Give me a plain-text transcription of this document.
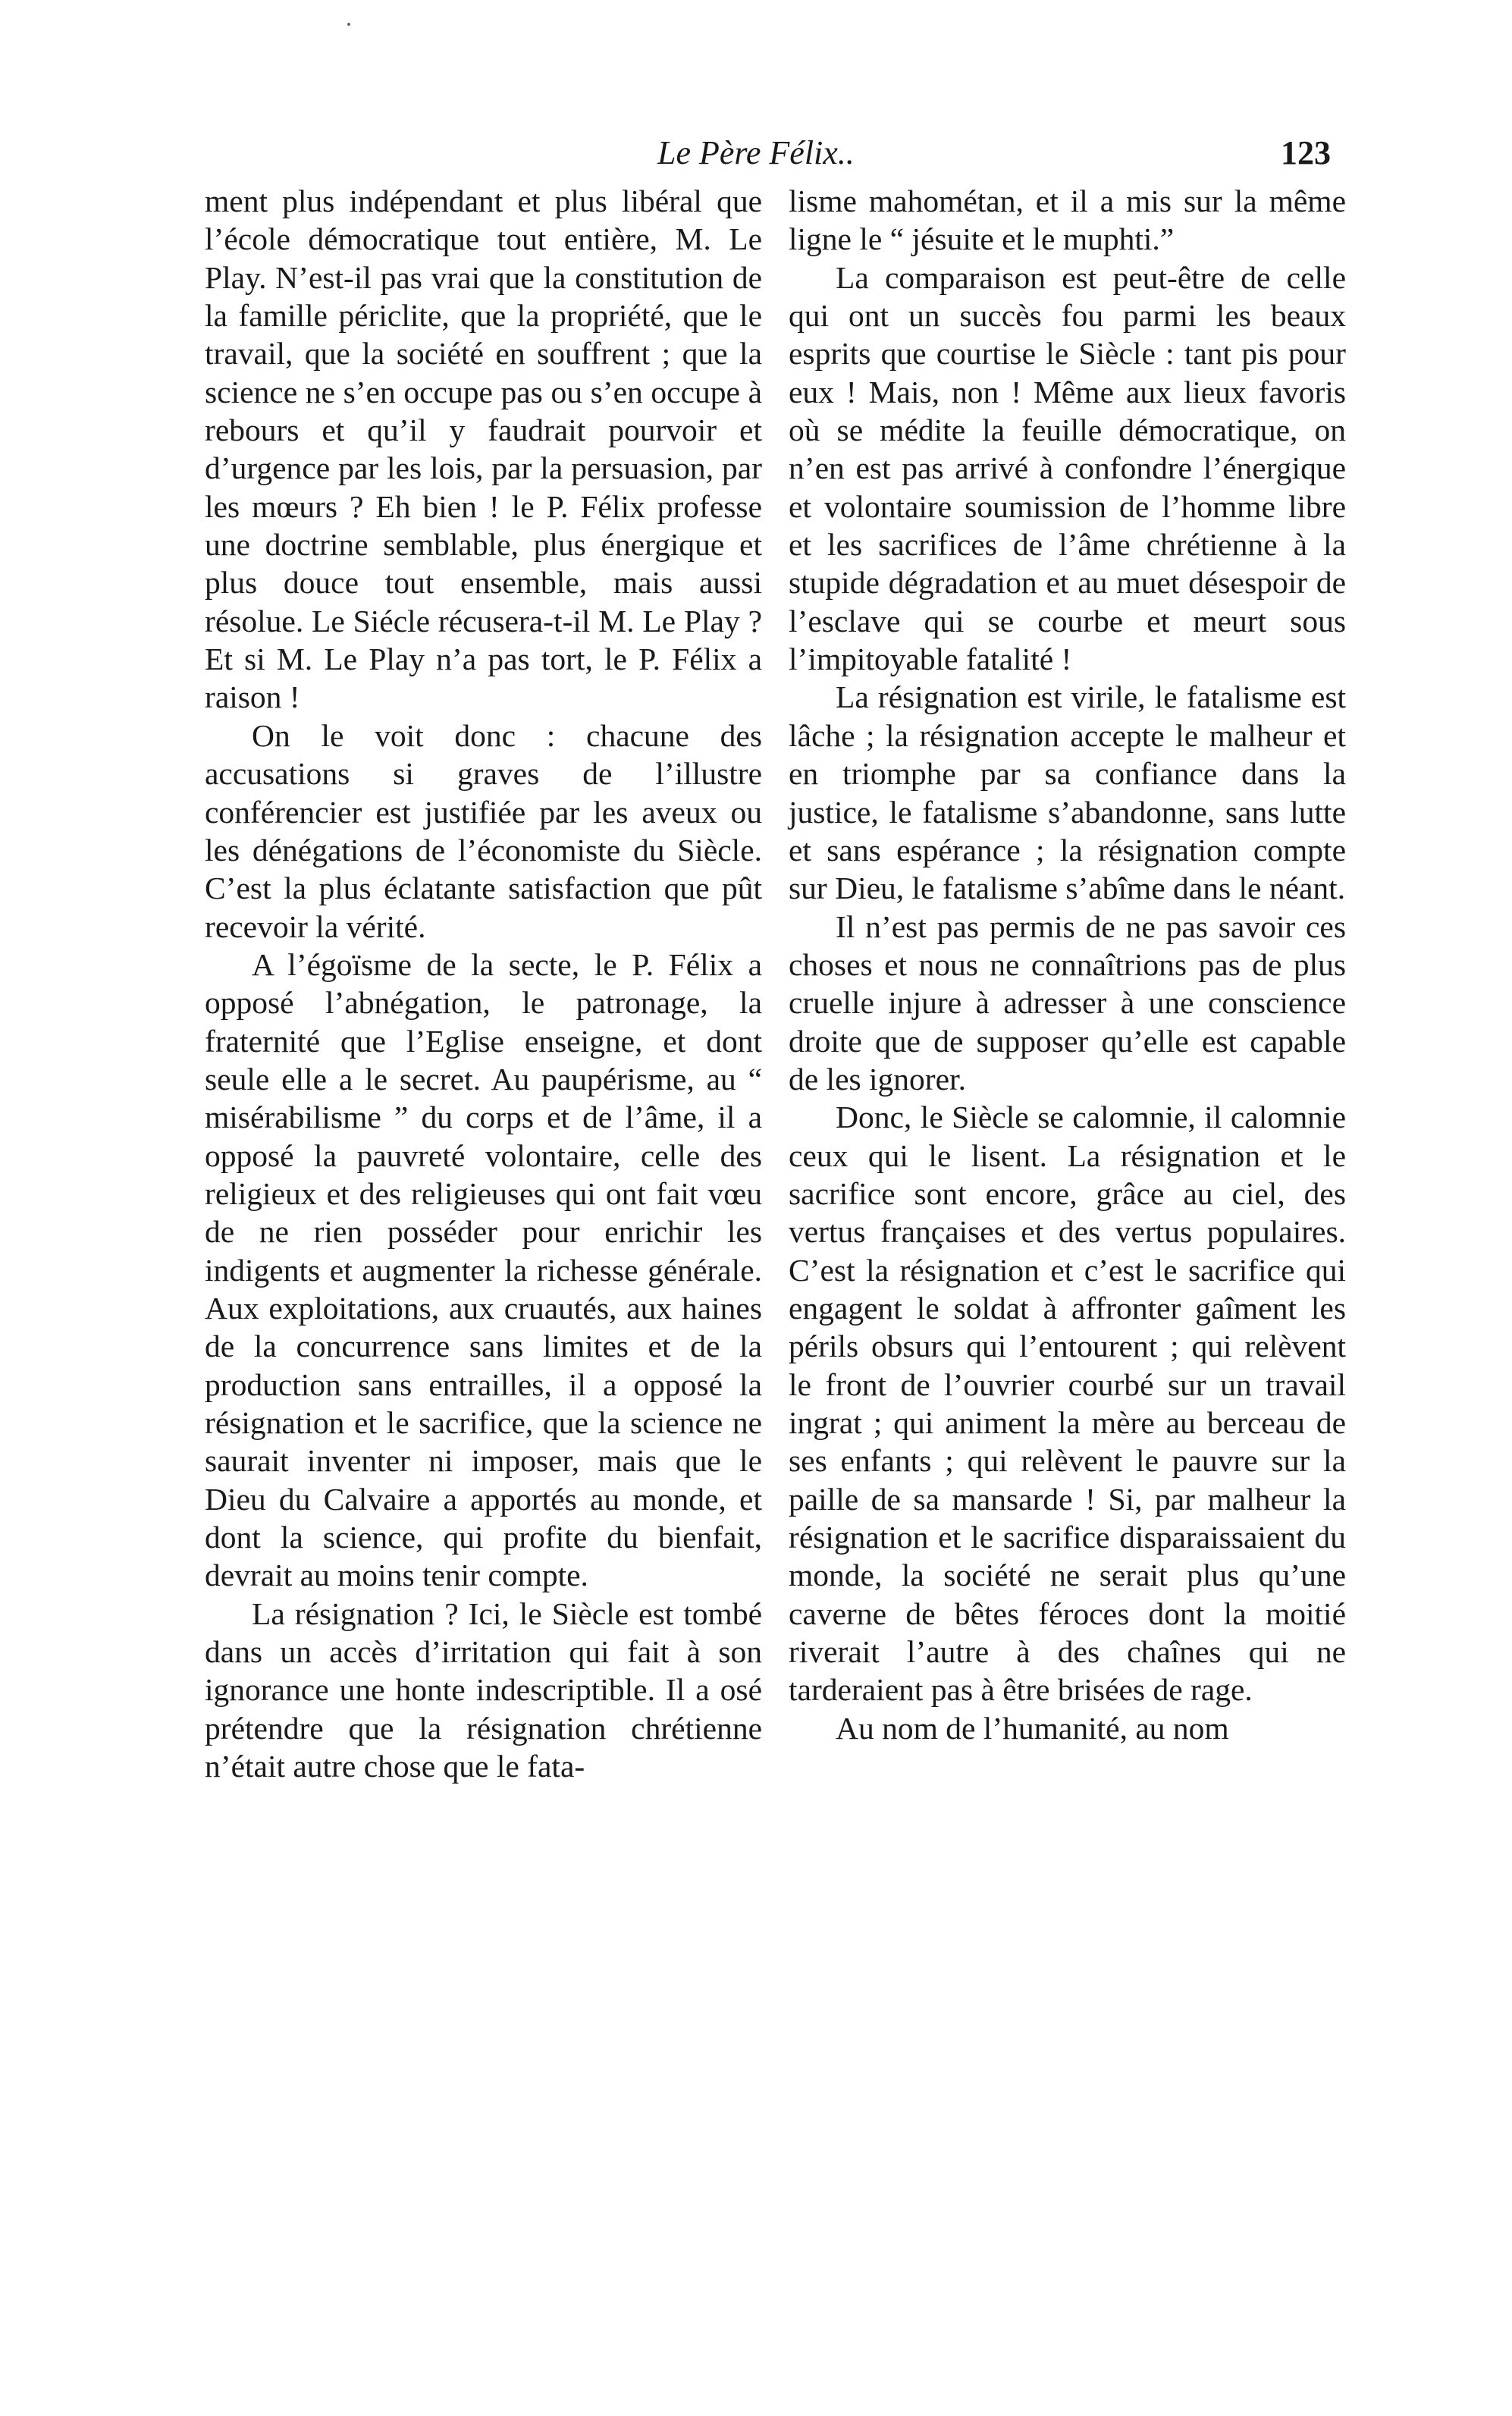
Le Père Félix..	123

ment plus indépendant et plus libéral que l’école démocratique tout entière, M. Le Play. N’est-il pas vrai que la constitution de la famille périclite, que la propriété, que le travail, que la société en souffrent ; que la science ne s’en occupe pas ou s’en occupe à rebours et qu’il y faudrait pourvoir et d’urgence par les lois, par la persuasion, par les mœurs ? Eh bien ! le P. Félix professe une doctrine semblable, plus énergique et plus douce tout ensemble, mais aussi résolue. Le Siécle récusera-t-il M. Le Play ? Et si M. Le Play n’a pas tort, le P. Félix a raison !

On le voit donc : chacune des accusations si graves de l’illustre conférencier est justifiée par les aveux ou les dénégations de l’économiste du Siècle. C’est la plus éclatante satisfaction que pût recevoir la vérité.

A l’égoïsme de la secte, le P. Félix a opposé l’abnégation, le patronage, la fraternité que l’Eglise enseigne, et dont seule elle a le secret. Au paupérisme, au “ misérabilisme ” du corps et de l’âme, il a opposé la pauvreté volontaire, celle des religieux et des religieuses qui ont fait vœu de ne rien posséder pour enrichir les indigents et augmenter la richesse générale. Aux exploitations, aux cruautés, aux haines de la concurrence sans limites et de la production sans entrailles, il a opposé la résignation et le sacrifice, que la science ne saurait inventer ni imposer, mais que le Dieu du Calvaire a apportés au monde, et dont la science, qui profite du bienfait, devrait au moins tenir compte.

La résignation ? Ici, le Siècle est tombé dans un accès d’irritation qui fait à son ignorance une honte indescriptible. Il a osé prétendre que la résignation chrétienne n’était autre chose que le fata-

lisme mahométan, et il a mis sur la même ligne le “ jésuite et le muphti.”

La comparaison est peut-être de celle qui ont un succès fou parmi les beaux esprits que courtise le Siècle : tant pis pour eux ! Mais, non ! Même aux lieux favoris où se médite la feuille démocratique, on n’en est pas arrivé à confondre l’énergique et volontaire soumission de l’homme libre et les sacrifices de l’âme chrétienne à la stupide dégradation et au muet désespoir de l’esclave qui se courbe et meurt sous l’impitoyable fatalité !

La résignation est virile, le fatalisme est lâche ; la résignation accepte le malheur et en triomphe par sa confiance dans la justice, le fatalisme s’abandonne, sans lutte et sans espérance ; la résignation compte sur Dieu, le fatalisme s’abîme dans le néant.

Il n’est pas permis de ne pas savoir ces choses et nous ne connaîtrions pas de plus cruelle injure à adresser à une conscience droite que de supposer qu’elle est capable de les ignorer.

Donc, le Siècle se calomnie, il calomnie ceux qui le lisent. La résignation et le sacrifice sont encore, grâce au ciel, des vertus françaises et des vertus populaires. C’est la résignation et c’est le sacrifice qui engagent le soldat à affronter gaîment les périls obsurs qui l’entourent ; qui relèvent le front de l’ouvrier courbé sur un travail ingrat ; qui animent la mère au berceau de ses enfants ; qui relèvent le pauvre sur la paille de sa mansarde ! Si, par malheur la résignation et le sacrifice disparaissaient du monde, la société ne serait plus qu’une caverne de bêtes féroces dont la moitié riverait l’autre à des chaînes qui ne tarderaient pas à être brisées de rage.

Au nom de l’humanité, au nom
